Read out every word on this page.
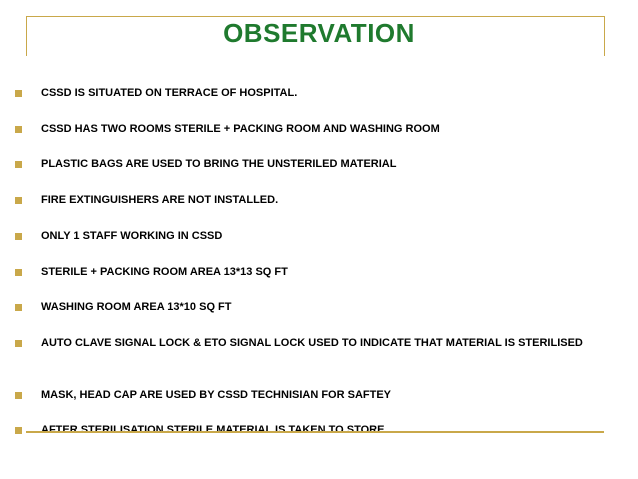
OBSERVATION
CSSD IS SITUATED ON TERRACE OF HOSPITAL.
CSSD HAS TWO ROOMS STERILE + PACKING ROOM AND WASHING ROOM
PLASTIC BAGS ARE USED TO BRING THE UNSTERILED MATERIAL
FIRE EXTINGUISHERS ARE NOT INSTALLED.
ONLY 1 STAFF WORKING IN CSSD
STERILE + PACKING ROOM AREA 13*13 SQ FT
WASHING ROOM AREA 13*10 SQ FT
AUTO CLAVE SIGNAL LOCK & ETO SIGNAL LOCK USED TO INDICATE THAT MATERIAL IS STERILISED
MASK, HEAD CAP ARE USED BY CSSD TECHNISIAN FOR SAFTEY
AFTER STERILISATION STERILE MATERIAL IS TAKEN TO STORE
